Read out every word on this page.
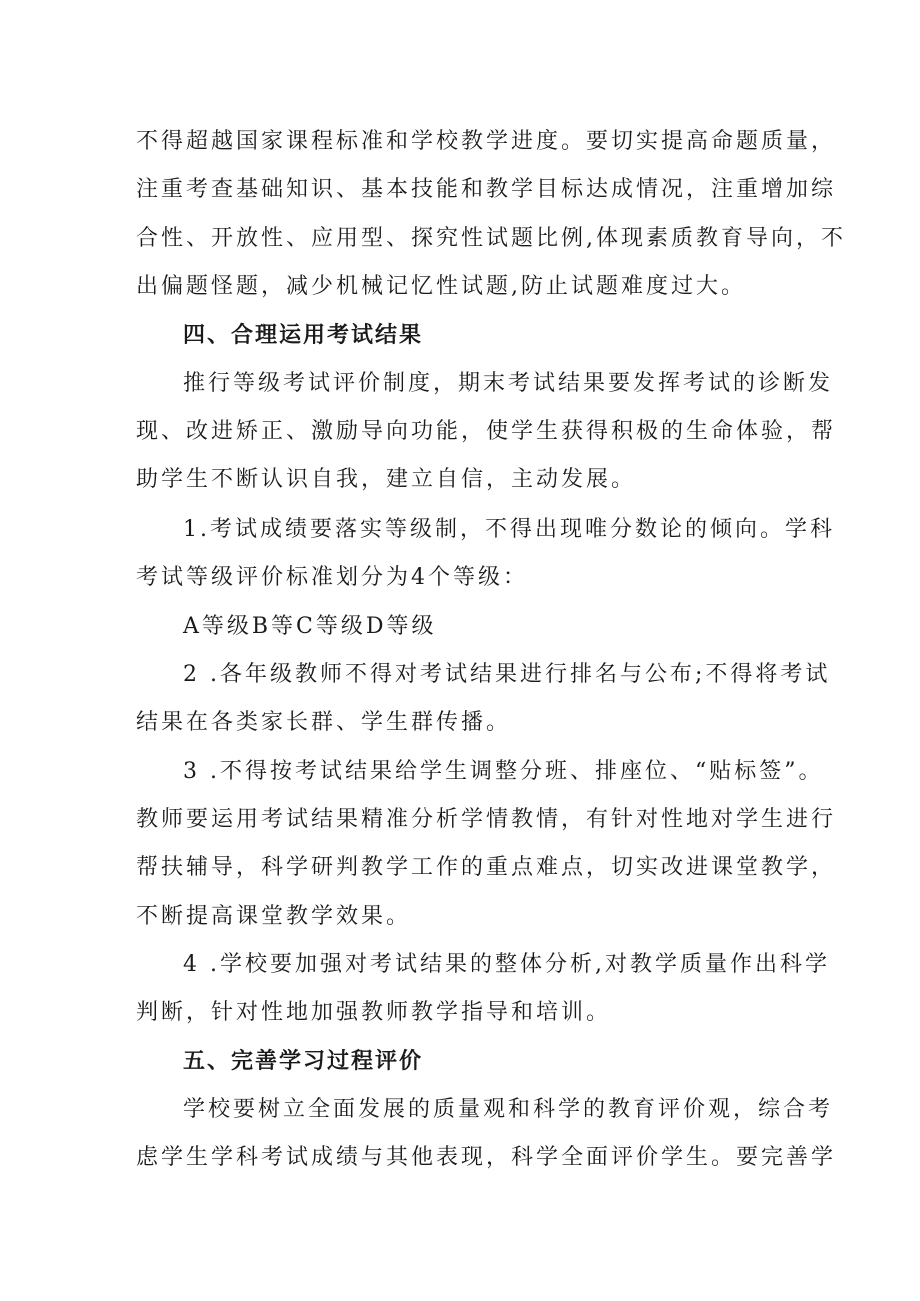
不得超越国家课程标准和学校教学进度。要切实提高命题质量，
注重考查基础知识、基本技能和教学目标达成情况，注重增加综
合性、开放性、应用型、探究性试题比例,体现素质教育导向，不
出偏题怪题，减少机械记忆性试题,防止试题难度过大。
四、合理运用考试结果
推行等级考试评价制度，期末考试结果要发挥考试的诊断发
现、改进矫正、激励导向功能，使学生获得积极的生命体验，帮
助学生不断认识自我，建立自信，主动发展。
1.考试成绩要落实等级制，不得出现唯分数论的倾向。学科
考试等级评价标准划分为4个等级：
A等级B等C等级D等级
2 .各年级教师不得对考试结果进行排名与公布;不得将考试
结果在各类家长群、学生群传播。
3 .不得按考试结果给学生调整分班、排座位、“贴标签”。
教师要运用考试结果精准分析学情教情，有针对性地对学生进行
帮扶辅导，科学研判教学工作的重点难点，切实改进课堂教学，
不断提高课堂教学效果。
4 .学校要加强对考试结果的整体分析,对教学质量作出科学
判断，针对性地加强教师教学指导和培训。
五、完善学习过程评价
学校要树立全面发展的质量观和科学的教育评价观，综合考
虑学生学科考试成绩与其他表现，科学全面评价学生。要完善学
